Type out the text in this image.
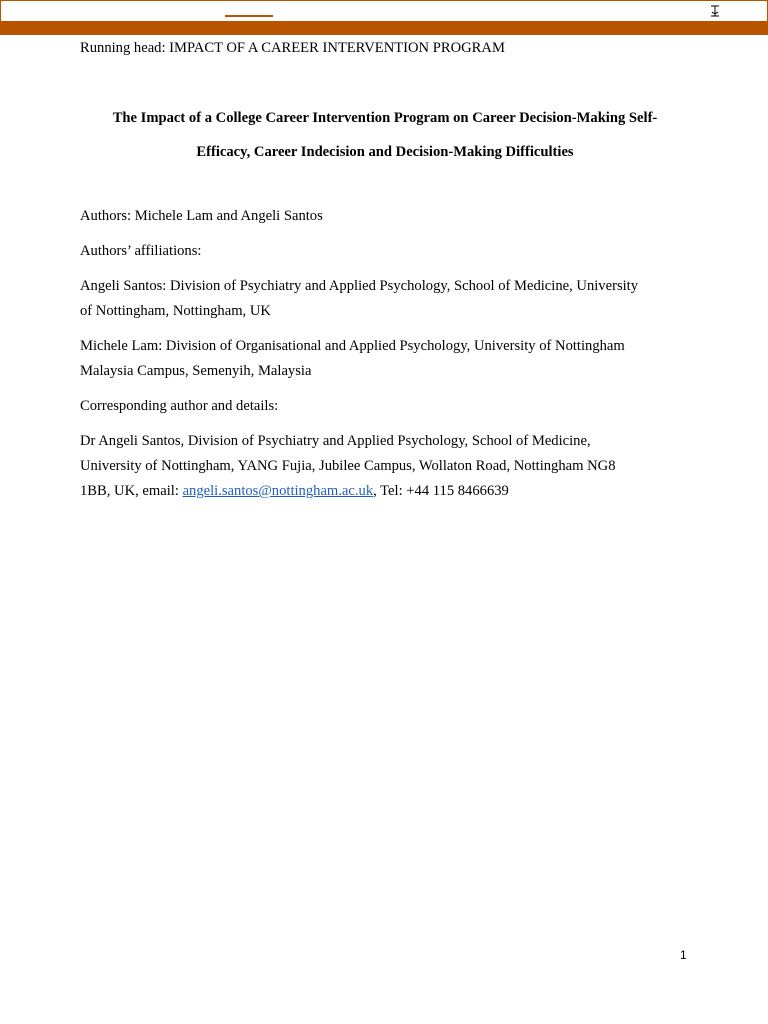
Running head: IMPACT OF A CAREER INTERVENTION PROGRAM
The Impact of a College Career Intervention Program on Career Decision-Making Self-
Efficacy, Career Indecision and Decision-Making Difficulties
Authors: Michele Lam and Angeli Santos
Authors’ affiliations:
Angeli Santos: Division of Psychiatry and Applied Psychology, School of Medicine, University
of Nottingham, Nottingham, UK
Michele Lam: Division of Organisational and Applied Psychology, University of Nottingham
Malaysia Campus, Semenyih, Malaysia
Corresponding author and details:
Dr Angeli Santos, Division of Psychiatry and Applied Psychology, School of Medicine,
University of Nottingham, YANG Fujia, Jubilee Campus, Wollaton Road, Nottingham NG8
1BB, UK, email: angeli.santos@nottingham.ac.uk, Tel: +44 115 8466639
1
